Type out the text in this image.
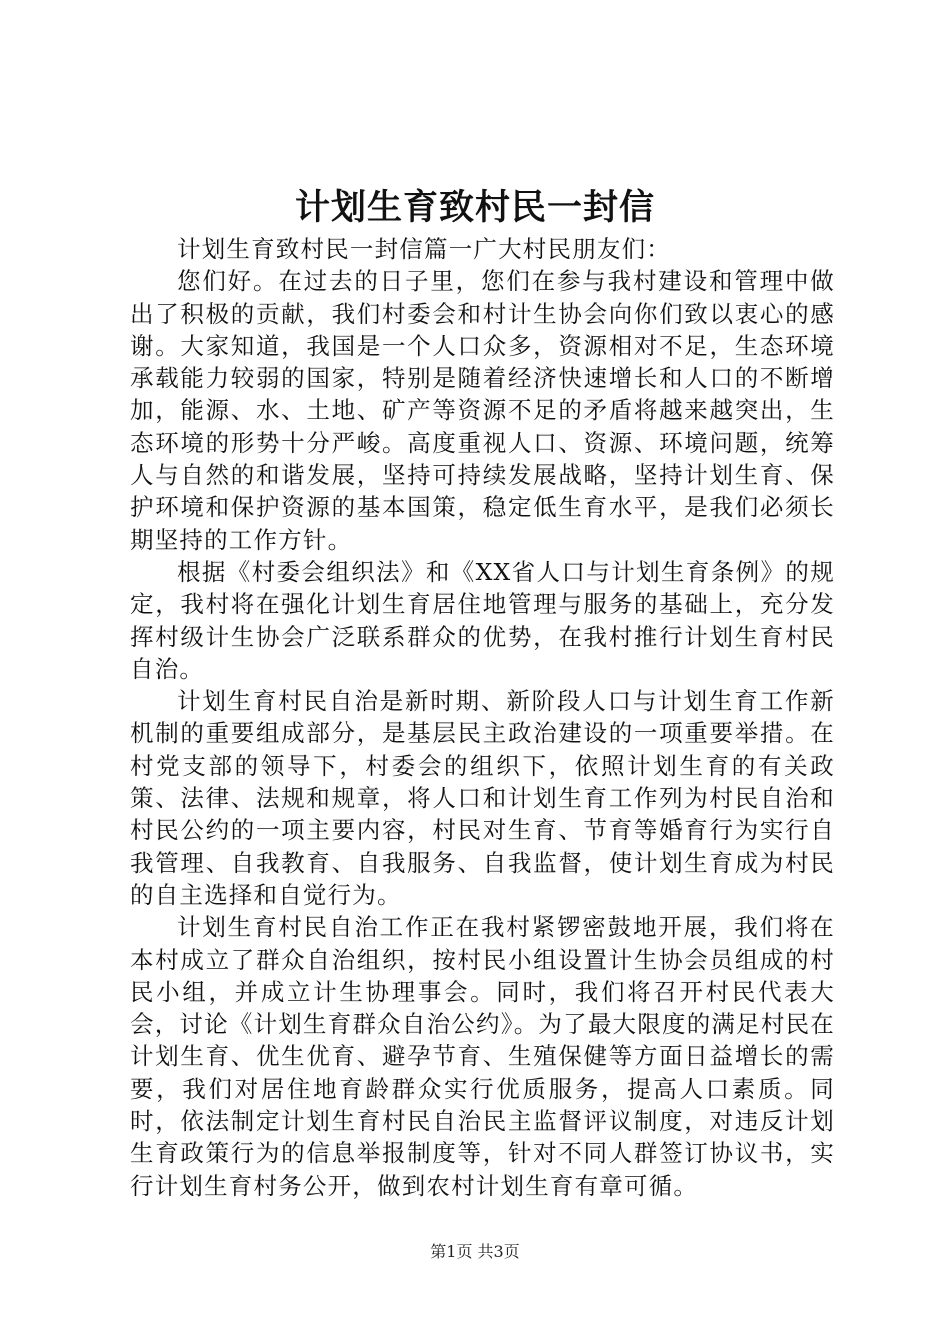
计划生育致村民一封信

计划生育致村民一封信篇一广大村民朋友们：

您们好。在过去的日子里，您们在参与我村建设和管理中做出了积极的贡献，我们村委会和村计生协会向你们致以衷心的感谢。大家知道，我国是一个人口众多，资源相对不足，生态环境承载能力较弱的国家，特别是随着经济快速增长和人口的不断增加，能源、水、土地、矿产等资源不足的矛盾将越来越突出，生态环境的形势十分严峻。高度重视人口、资源、环境问题，统筹人与自然的和谐发展，坚持可持续发展战略，坚持计划生育、保护环境和保护资源的基本国策，稳定低生育水平，是我们必须长期坚持的工作方针。

根据《村委会组织法》和《XX省人口与计划生育条例》的规定，我村将在强化计划生育居住地管理与服务的基础上，充分发挥村级计生协会广泛联系群众的优势，在我村推行计划生育村民自治。

计划生育村民自治是新时期、新阶段人口与计划生育工作新机制的重要组成部分，是基层民主政治建设的一项重要举措。在村党支部的领导下，村委会的组织下，依照计划生育的有关政策、法律、法规和规章，将人口和计划生育工作列为村民自治和村民公约的一项主要内容，村民对生育、节育等婚育行为实行自我管理、自我教育、自我服务、自我监督，使计划生育成为村民的自主选择和自觉行为。

计划生育村民自治工作正在我村紧锣密鼓地开展，我们将在本村成立了群众自治组织，按村民小组设置计生协会员组成的村民小组，并成立计生协理事会。同时，我们将召开村民代表大会，讨论《计划生育群众自治公约》。为了最大限度的满足村民在计划生育、优生优育、避孕节育、生殖保健等方面日益增长的需要，我们对居住地育龄群众实行优质服务，提高人口素质。同时，依法制定计划生育村民自治民主监督评议制度，对违反计划生育政策行为的信息举报制度等，针对不同人群签订协议书，实行计划生育村务公开，做到农村计划生育有章可循。

第1页 共3页
